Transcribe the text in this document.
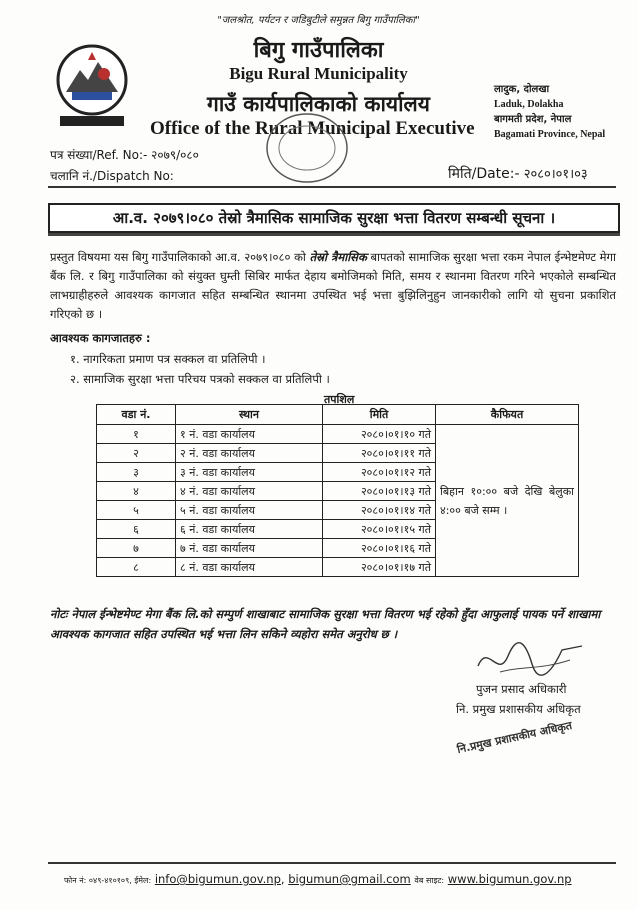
"जलश्रोत, पर्यटन र जडिबुटीले समुन्नत बिगु गाउँपालिका"
बिगु गाउँपालिका
Bigu Rural Municipality
गाउँ कार्यपालिकाको कार्यालय
Office of the Rural Municipal Executive
लादुक, दोलखा
Laduk, Dolakha
बागमती प्रदेश, नेपाल
Bagamati Province, Nepal
पत्र संख्या/Ref. No:- २०७९/०८०
चलानि नं./Dispatch No:	मिति/Date:- २०८०।०१।०३
आ.व. २०७९।०८० तेस्रो त्रैमासिक सामाजिक सुरक्षा भत्ता वितरण सम्बन्धी सूचना ।
प्रस्तुत विषयमा यस बिगु गाउँपालिकाको आ.व. २०७९।०८० को तेस्रो त्रैमासिक बापतको सामाजिक सुरक्षा भत्ता रकम नेपाल ईन्भेष्टमेण्ट मेगा बैंक लि. र बिगु गाउँपालिका को संयुक्त घुम्ती सिबिर मार्फत देहाय बमोजिमको मिति, समय र स्थानमा वितरण गरिने भएकोले सम्बन्धित लाभग्राहीहरुले आवश्यक कागजात सहित सम्बन्धित स्थानमा उपस्थित भई भत्ता बुझिलिनुहुन जानकारीको लागि यो सुचना प्रकाशित गरिएको छ ।
आवश्यक कागजातहरु :
१. नागरिकता प्रमाण पत्र सक्कल वा प्रतिलिपी ।
२. सामाजिक सुरक्षा भत्ता परिचय पत्रको सक्कल वा प्रतिलिपी ।
तपशिल
वडा नं.	स्थान	मिति	कैफियत
१	१ नं. वडा कार्यालय	२०८०।०१।१० गते	बिहान १०:०० बजे देखि बेलुका ४:०० बजे सम्म ।
२	२ नं. वडा कार्यालय	२०८०।०१।११ गते	
३	३ नं. वडा कार्यालय	२०८०।०१।१२ गते	
४	४ नं. वडा कार्यालय	२०८०।०१।१३ गते	
५	५ नं. वडा कार्यालय	२०८०।०१।१४ गते	
६	६ नं. वडा कार्यालय	२०८०।०१।१५ गते	
७	७ नं. वडा कार्यालय	२०८०।०१।१६ गते	
८	८ नं. वडा कार्यालय	२०८०।०१।१७ गते	
नोटः नेपाल ईन्भेष्टमेण्ट मेगा बैंक लि.को सम्पुर्ण शाखाबाट सामाजिक सुरक्षा भत्ता वितरण भई रहेको हुँदा आफुलाई पायक पर्ने शाखामा आवश्यक कागजात सहित उपस्थित भई भत्ता लिन सकिने व्यहोरा समेत अनुरोध छ ।
पुजन प्रसाद अधिकारी
नि. प्रमुख प्रशासकीय अधिकृत
नि.प्रमुख प्रशासकीय अधिकृत
फोन नं: ०४९-४१०१०९, ईमेल: info@bigumun.gov.np, bigumun@gmail.com वेब साइट: www.bigumun.gov.np
